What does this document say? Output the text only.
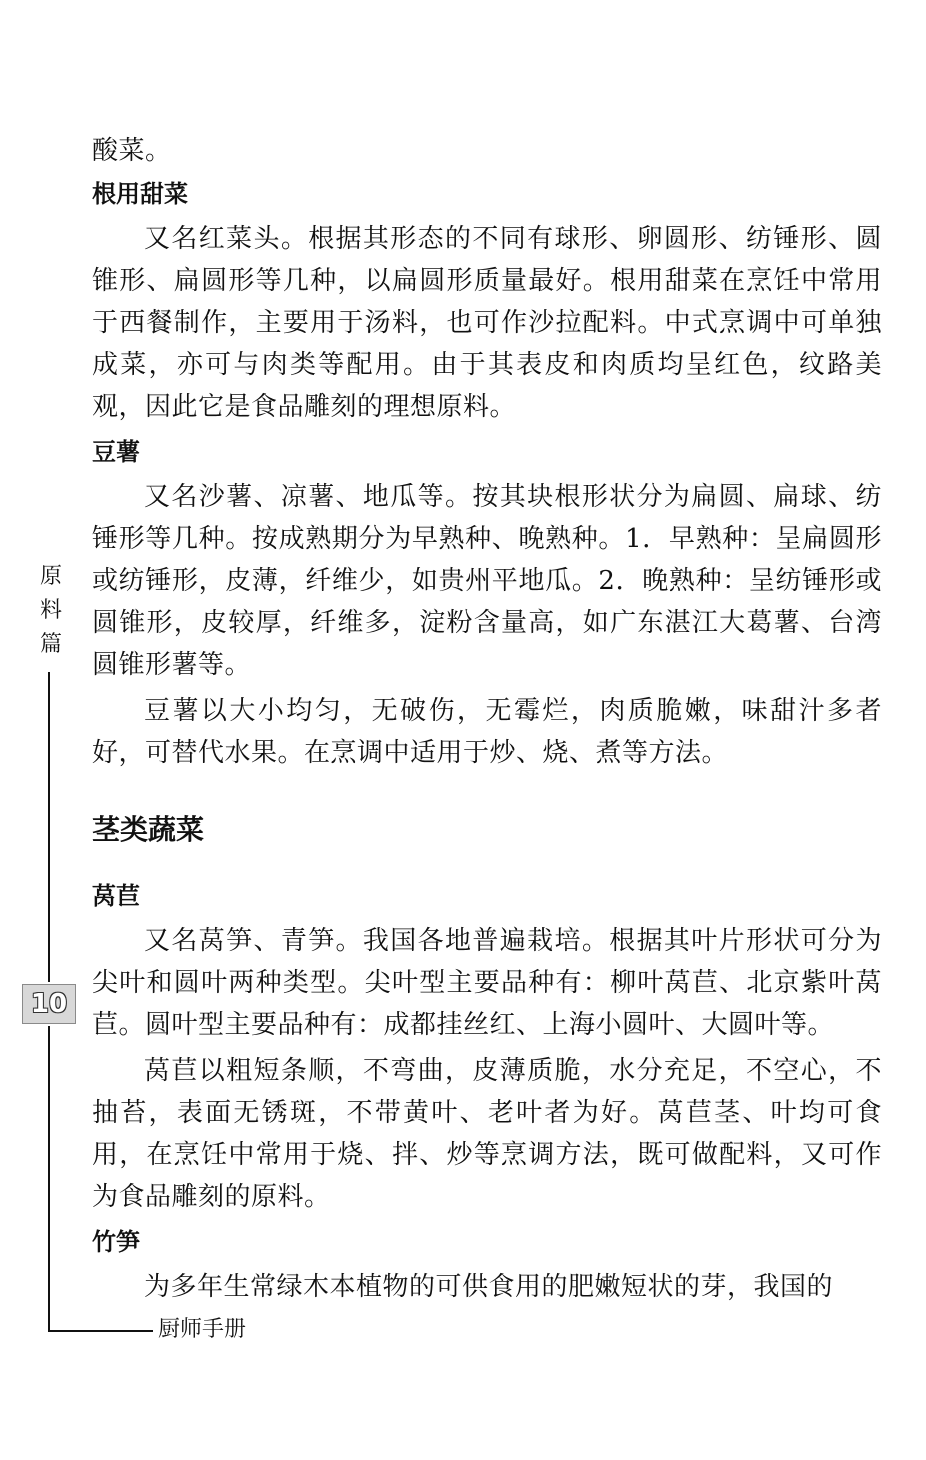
原
料
篇
10
厨师手册

酸菜。

根用甜菜

又名红菜头。根据其形态的不同有球形、卵圆形、纺锤形、圆锥形、扁圆形等几种，以扁圆形质量最好。根用甜菜在烹饪中常用于西餐制作，主要用于汤料，也可作沙拉配料。中式烹调中可单独成菜，亦可与肉类等配用。由于其表皮和肉质均呈红色，纹路美观，因此它是食品雕刻的理想原料。

豆薯

又名沙薯、凉薯、地瓜等。按其块根形状分为扁圆、扁球、纺锤形等几种。按成熟期分为早熟种、晚熟种。1．早熟种：呈扁圆形或纺锤形，皮薄，纤维少，如贵州平地瓜。2．晚熟种：呈纺锤形或圆锥形，皮较厚，纤维多，淀粉含量高，如广东湛江大葛薯、台湾圆锥形薯等。

豆薯以大小均匀，无破伤，无霉烂，肉质脆嫩，味甜汁多者好，可替代水果。在烹调中适用于炒、烧、煮等方法。

茎类蔬菜
莴苣

又名莴笋、青笋。我国各地普遍栽培。根据其叶片形状可分为尖叶和圆叶两种类型。尖叶型主要品种有：柳叶莴苣、北京紫叶莴苣。圆叶型主要品种有：成都挂丝红、上海小圆叶、大圆叶等。

莴苣以粗短条顺，不弯曲，皮薄质脆，水分充足，不空心，不抽苔，表面无锈斑，不带黄叶、老叶者为好。莴苣茎、叶均可食用，在烹饪中常用于烧、拌、炒等烹调方法，既可做配料，又可作为食品雕刻的原料。

竹笋

为多年生常绿木本植物的可供食用的肥嫩短状的芽，我国的
